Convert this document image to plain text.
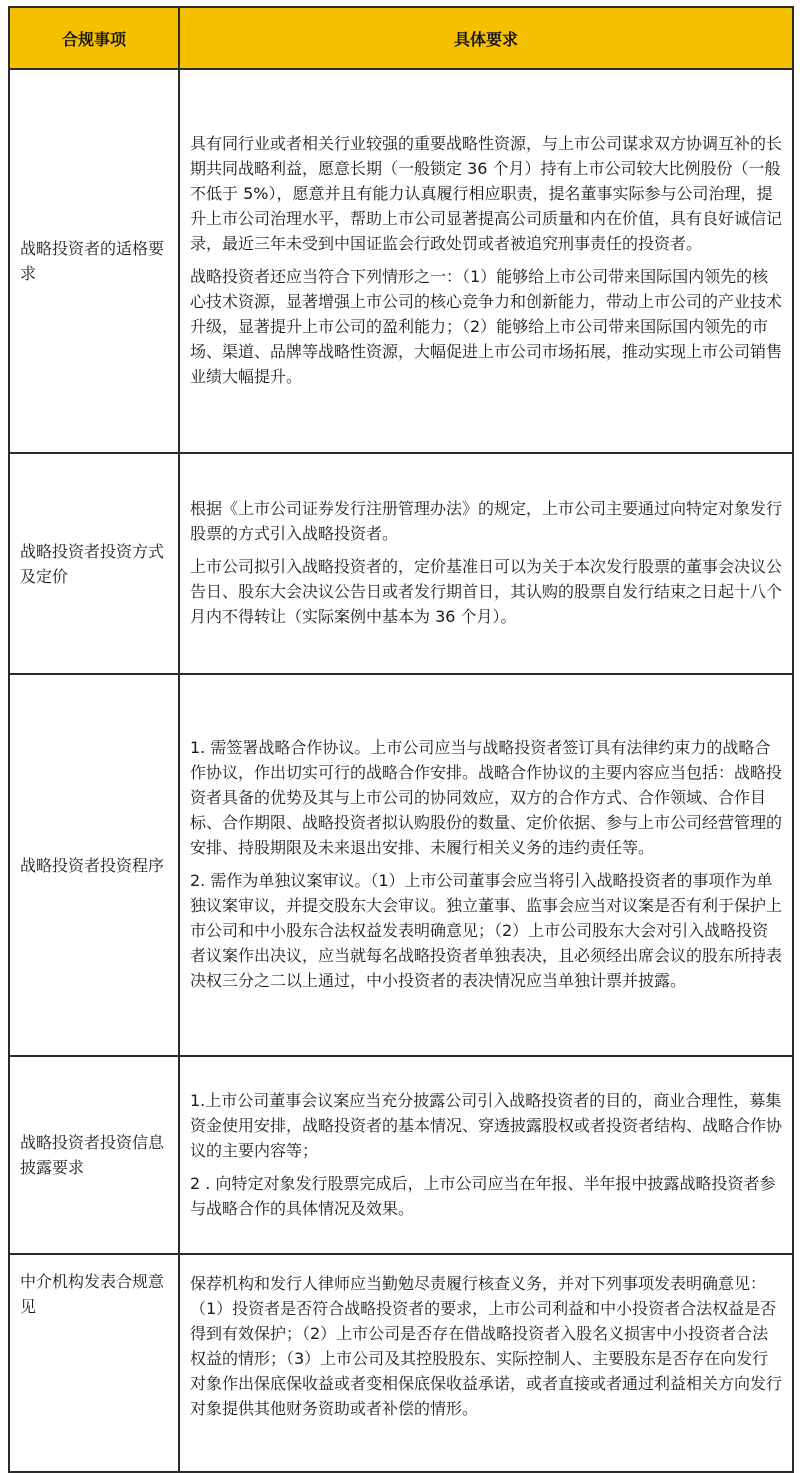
合规事项	具体要求
战略投资者的适格要求	具有同行业或者相关行业较强的重要战略性资源，与上市公司谋求双方协调互补的长期共同战略利益，愿意长期（一般锁定 36 个月）持有上市公司较大比例股份（一般不低于 5%），愿意并且有能力认真履行相应职责，提名董事实际参与公司治理，提升上市公司治理水平，帮助上市公司显著提高公司质量和内在价值，具有良好诚信记录，最近三年未受到中国证监会行政处罚或者被追究刑事责任的投资者。

战略投资者还应当符合下列情形之一：（1）能够给上市公司带来国际国内领先的核心技术资源，显著增强上市公司的核心竞争力和创新能力，带动上市公司的产业技术升级，显著提升上市公司的盈利能力；（2）能够给上市公司带来国际国内领先的市场、渠道、品牌等战略性资源，大幅促进上市公司市场拓展，推动实现上市公司销售业绩大幅提升。

战略投资者投资方式及定价	根据《上市公司证券发行注册管理办法》的规定，上市公司主要通过向特定对象发行股票的方式引入战略投资者。

上市公司拟引入战略投资者的，定价基准日可以为关于本次发行股票的董事会决议公告日、股东大会决议公告日或者发行期首日，其认购的股票自发行结束之日起十八个月内不得转让（实际案例中基本为 36 个月）。

战略投资者投资程序	1. 需签署战略合作协议。上市公司应当与战略投资者签订具有法律约束力的战略合作协议，作出切实可行的战略合作安排。战略合作协议的主要内容应当包括：战略投资者具备的优势及其与上市公司的协同效应，双方的合作方式、合作领域、合作目标、合作期限、战略投资者拟认购股份的数量、定价依据、参与上市公司经营管理的安排、持股期限及未来退出安排、未履行相关义务的违约责任等。

2. 需作为单独议案审议。（1）上市公司董事会应当将引入战略投资者的事项作为单独议案审议，并提交股东大会审议。独立董事、监事会应当对议案是否有利于保护上市公司和中小股东合法权益发表明确意见；（2）上市公司股东大会对引入战略投资者议案作出决议，应当就每名战略投资者单独表决，且必须经出席会议的股东所持表决权三分之二以上通过，中小投资者的表决情况应当单独计票并披露。

战略投资者投资信息披露要求	1.上市公司董事会议案应当充分披露公司引入战略投资者的目的，商业合理性，募集资金使用安排，战略投资者的基本情况、穿透披露股权或者投资者结构、战略合作协议的主要内容等；

2 . 向特定对象发行股票完成后，上市公司应当在年报、半年报中披露战略投资者参与战略合作的具体情况及效果。

中介机构发表合规意见	保荐机构和发行人律师应当勤勉尽责履行核查义务，并对下列事项发表明确意见：（1）投资者是否符合战略投资者的要求，上市公司利益和中小投资者合法权益是否得到有效保护；（2）上市公司是否存在借战略投资者入股名义损害中小投资者合法权益的情形；（3）上市公司及其控股股东、实际控制人、主要股东是否存在向发行对象作出保底保收益或者变相保底保收益承诺，或者直接或者通过利益相关方向发行对象提供其他财务资助或者补偿的情形。
